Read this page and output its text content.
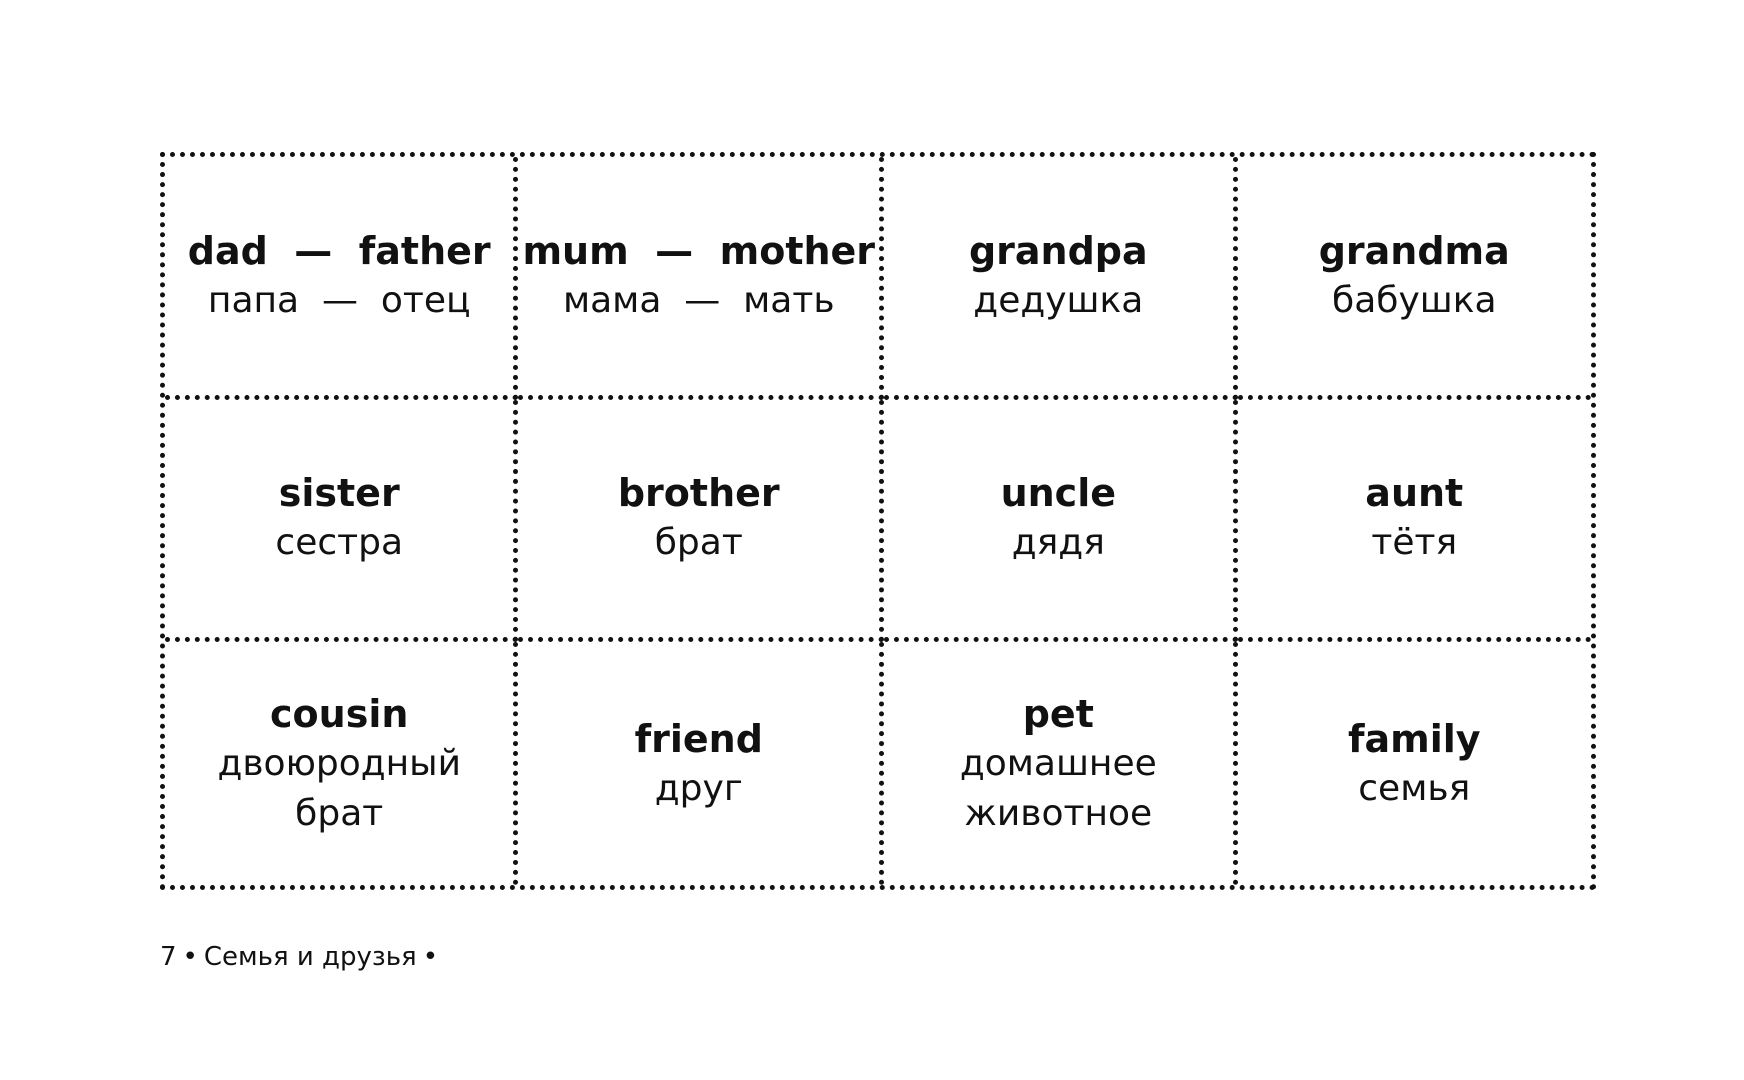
dad  —  father
папа  —  отец
mum  —  mother
мама  —  мать
grandpa
дедушка
grandma
бабушка
sister
сестра
brother
брат
uncle
дядя
aunt
тётя
cousin
двоюродный
брат
friend
друг
pet
домашнее
животное
family
семья
7 • Семья и друзья •
